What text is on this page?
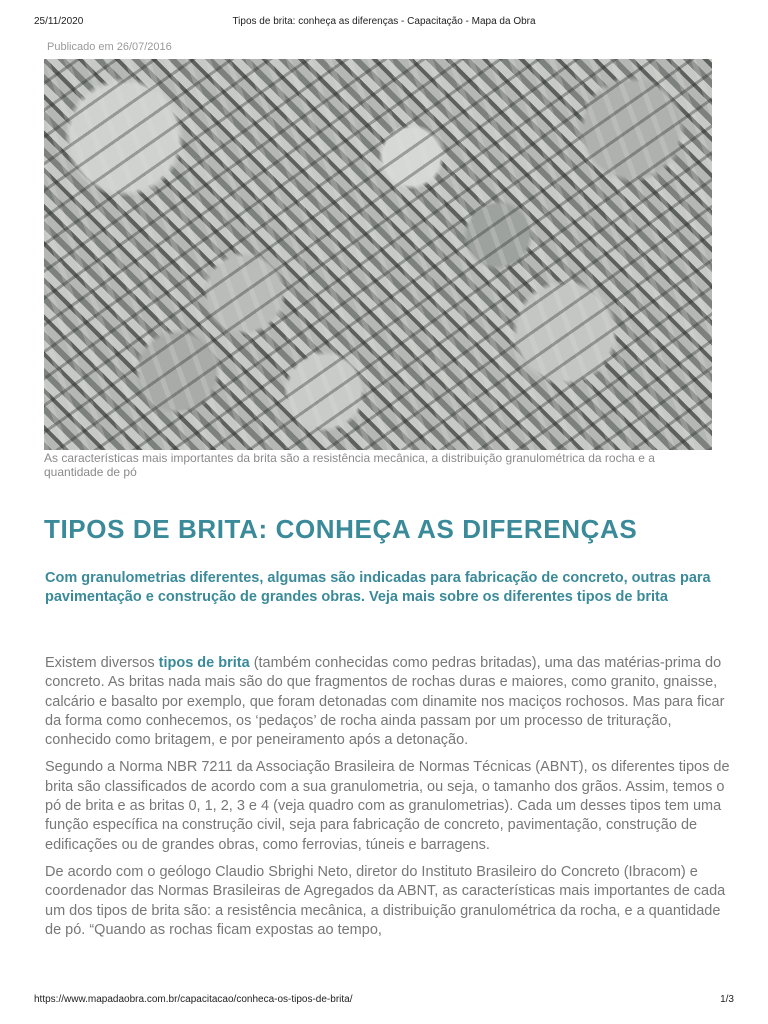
25/11/2020	Tipos de brita: conheça as diferenças - Capacitação - Mapa da Obra
Publicado em 26/07/2016
As características mais importantes da brita são a resistência mecânica, a distribuição granulométrica da rocha e a quantidade de pó
TIPOS DE BRITA: CONHEÇA AS DIFERENÇAS

Com granulometrias diferentes, algumas são indicadas para fabricação de concreto, outras para pavimentação e construção de grandes obras. Veja mais sobre os diferentes tipos de brita

Existem diversos tipos de brita (também conhecidas como pedras britadas), uma das matérias-prima do concreto. As britas nada mais são do que fragmentos de rochas duras e maiores, como granito, gnaisse, calcário e basalto por exemplo, que foram detonadas com dinamite nos maciços rochosos. Mas para ficar da forma como conhecemos, os ‘pedaços’ de rocha ainda passam por um processo de trituração, conhecido como britagem, e por peneiramento após a detonação.

Segundo a Norma NBR 7211 da Associação Brasileira de Normas Técnicas (ABNT), os diferentes tipos de brita são classificados de acordo com a sua granulometria, ou seja, o tamanho dos grãos. Assim, temos o pó de brita e as britas 0, 1, 2, 3 e 4 (veja quadro com as granulometrias). Cada um desses tipos tem uma função específica na construção civil, seja para fabricação de concreto, pavimentação, construção de edificações ou de grandes obras, como ferrovias, túneis e barragens.

De acordo com o geólogo Claudio Sbrighi Neto, diretor do Instituto Brasileiro do Concreto (Ibracom) e coordenador das Normas Brasileiras de Agregados da ABNT, as características mais importantes de cada um dos tipos de brita são: a resistência mecânica, a distribuição granulométrica da rocha, e a quantidade de pó. “Quando as rochas ficam expostas ao tempo,

https://www.mapadaobra.com.br/capacitacao/conheca-os-tipos-de-brita/	1/3
